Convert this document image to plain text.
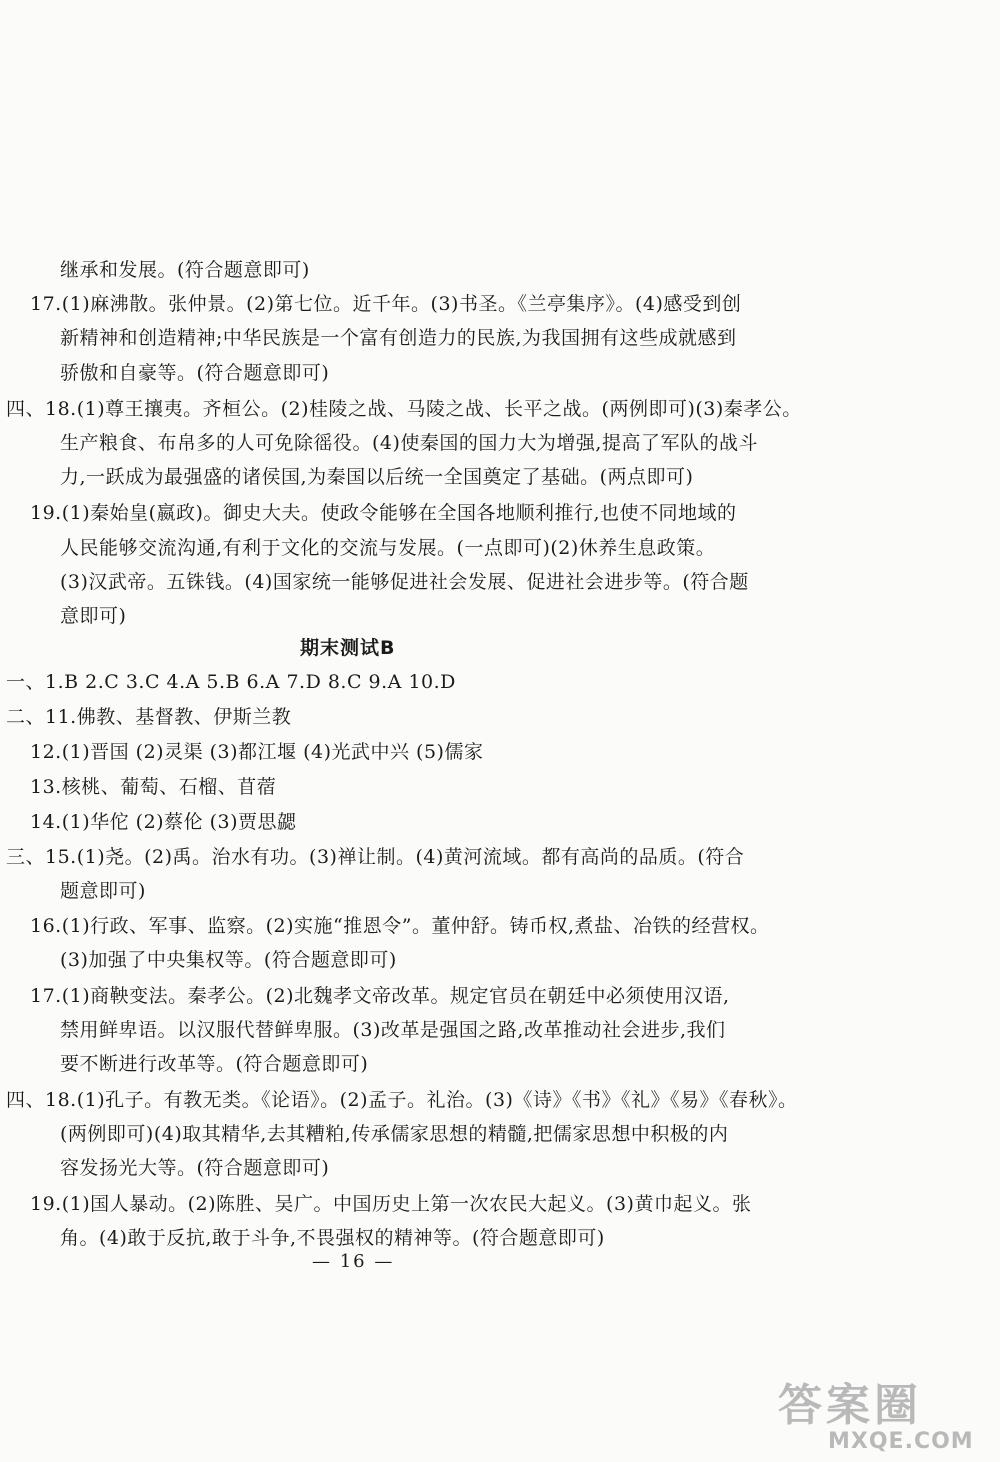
继承和发展。(符合题意即可)
17.(1)麻沸散。张仲景。(2)第七位。近千年。(3)书圣。《兰亭集序》。(4)感受到创
新精神和创造精神;中华民族是一个富有创造力的民族,为我国拥有这些成就感到
骄傲和自豪等。(符合题意即可)
四、18.(1)尊王攘夷。齐桓公。(2)桂陵之战、马陵之战、长平之战。(两例即可)(3)秦孝公。
生产粮食、布帛多的人可免除徭役。(4)使秦国的国力大为增强,提高了军队的战斗
力,一跃成为最强盛的诸侯国,为秦国以后统一全国奠定了基础。(两点即可)
19.(1)秦始皇(嬴政)。御史大夫。使政令能够在全国各地顺利推行,也使不同地域的
人民能够交流沟通,有利于文化的交流与发展。(一点即可)(2)休养生息政策。
(3)汉武帝。五铢钱。(4)国家统一能够促进社会发展、促进社会进步等。(符合题
意即可)
期末测试B
一、1.B 2.C 3.C 4.A 5.B 6.A 7.D 8.C 9.A 10.D
二、11.佛教、基督教、伊斯兰教
12.(1)晋国 (2)灵渠 (3)都江堰 (4)光武中兴 (5)儒家
13.核桃、葡萄、石榴、苜蓿
14.(1)华佗 (2)蔡伦 (3)贾思勰
三、15.(1)尧。(2)禹。治水有功。(3)禅让制。(4)黄河流域。都有高尚的品质。(符合
题意即可)
16.(1)行政、军事、监察。(2)实施“推恩令”。董仲舒。铸币权,煮盐、冶铁的经营权。
(3)加强了中央集权等。(符合题意即可)
17.(1)商鞅变法。秦孝公。(2)北魏孝文帝改革。规定官员在朝廷中必须使用汉语,
禁用鲜卑语。以汉服代替鲜卑服。(3)改革是强国之路,改革推动社会进步,我们
要不断进行改革等。(符合题意即可)
四、18.(1)孔子。有教无类。《论语》。(2)孟子。礼治。(3)《诗》《书》《礼》《易》《春秋》。
(两例即可)(4)取其精华,去其糟粕,传承儒家思想的精髓,把儒家思想中积极的内
容发扬光大等。(符合题意即可)
19.(1)国人暴动。(2)陈胜、吴广。中国历史上第一次农民大起义。(3)黄巾起义。张
角。(4)敢于反抗,敢于斗争,不畏强权的精神等。(符合题意即可)
— 16 —
答案圈
MXQE.COM
